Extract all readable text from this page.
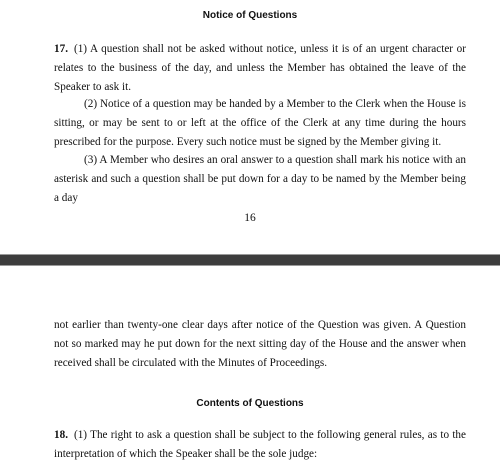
Notice of Questions

17. (1) A question shall not be asked without notice, unless it is of an urgent character or relates to the business of the day, and unless the Member has obtained the leave of the Speaker to ask it.

(2) Notice of a question may be handed by a Member to the Clerk when the House is sitting, or may be sent to or left at the office of the Clerk at any time during the hours prescribed for the purpose. Every such notice must be signed by the Member giving it.

(3) A Member who desires an oral answer to a question shall mark his notice with an asterisk and such a question shall be put down for a day to be named by the Member being a day

16

not earlier than twenty-one clear days after notice of the Question was given. A Question not so marked may he put down for the next sitting day of the House and the answer when received shall be circulated with the Minutes of Proceedings.

Contents of Questions

18. (1) The right to ask a question shall be subject to the following general rules, as to the interpretation of which the Speaker shall be the sole judge:
